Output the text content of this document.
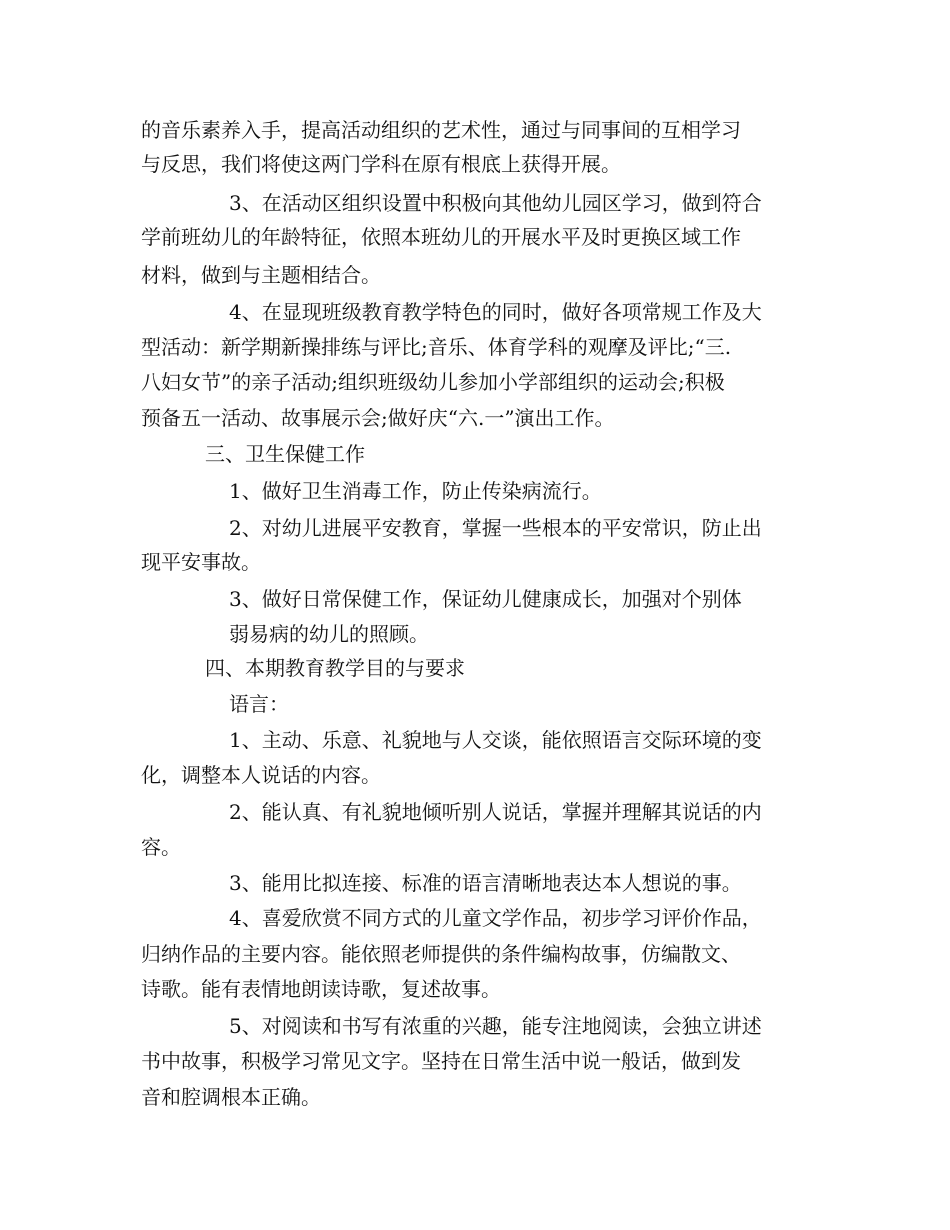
的音乐素养入手，提高活动组织的艺术性，通过与同事间的互相学习
与反思，我们将使这两门学科在原有根底上获得开展。
3、在活动区组织设置中积极向其他幼儿园区学习，做到符合
学前班幼儿的年龄特征，依照本班幼儿的开展水平及时更换区域工作
材料，做到与主题相结合。
4、在显现班级教育教学特色的同时，做好各项常规工作及大
型活动：新学期新操排练与评比;音乐、体育学科的观摩及评比;“三.
八妇女节”的亲子活动;组织班级幼儿参加小学部组织的运动会;积极
预备五一活动、故事展示会;做好庆“六.一”演出工作。
三、卫生保健工作
1、做好卫生消毒工作，防止传染病流行。
2、对幼儿进展平安教育，掌握一些根本的平安常识，防止出
现平安事故。
3、做好日常保健工作，保证幼儿健康成长，加强对个别体
弱易病的幼儿的照顾。
四、本期教育教学目的与要求
语言：
1、主动、乐意、礼貌地与人交谈，能依照语言交际环境的变
化，调整本人说话的内容。
2、能认真、有礼貌地倾听别人说话，掌握并理解其说话的内
容。
3、能用比拟连接、标准的语言清晰地表达本人想说的事。
4、喜爱欣赏不同方式的儿童文学作品，初步学习评价作品，
归纳作品的主要内容。能依照老师提供的条件编构故事，仿编散文、
诗歌。能有表情地朗读诗歌，复述故事。
5、对阅读和书写有浓重的兴趣，能专注地阅读，会独立讲述
书中故事，积极学习常见文字。坚持在日常生活中说一般话，做到发
音和腔调根本正确。
